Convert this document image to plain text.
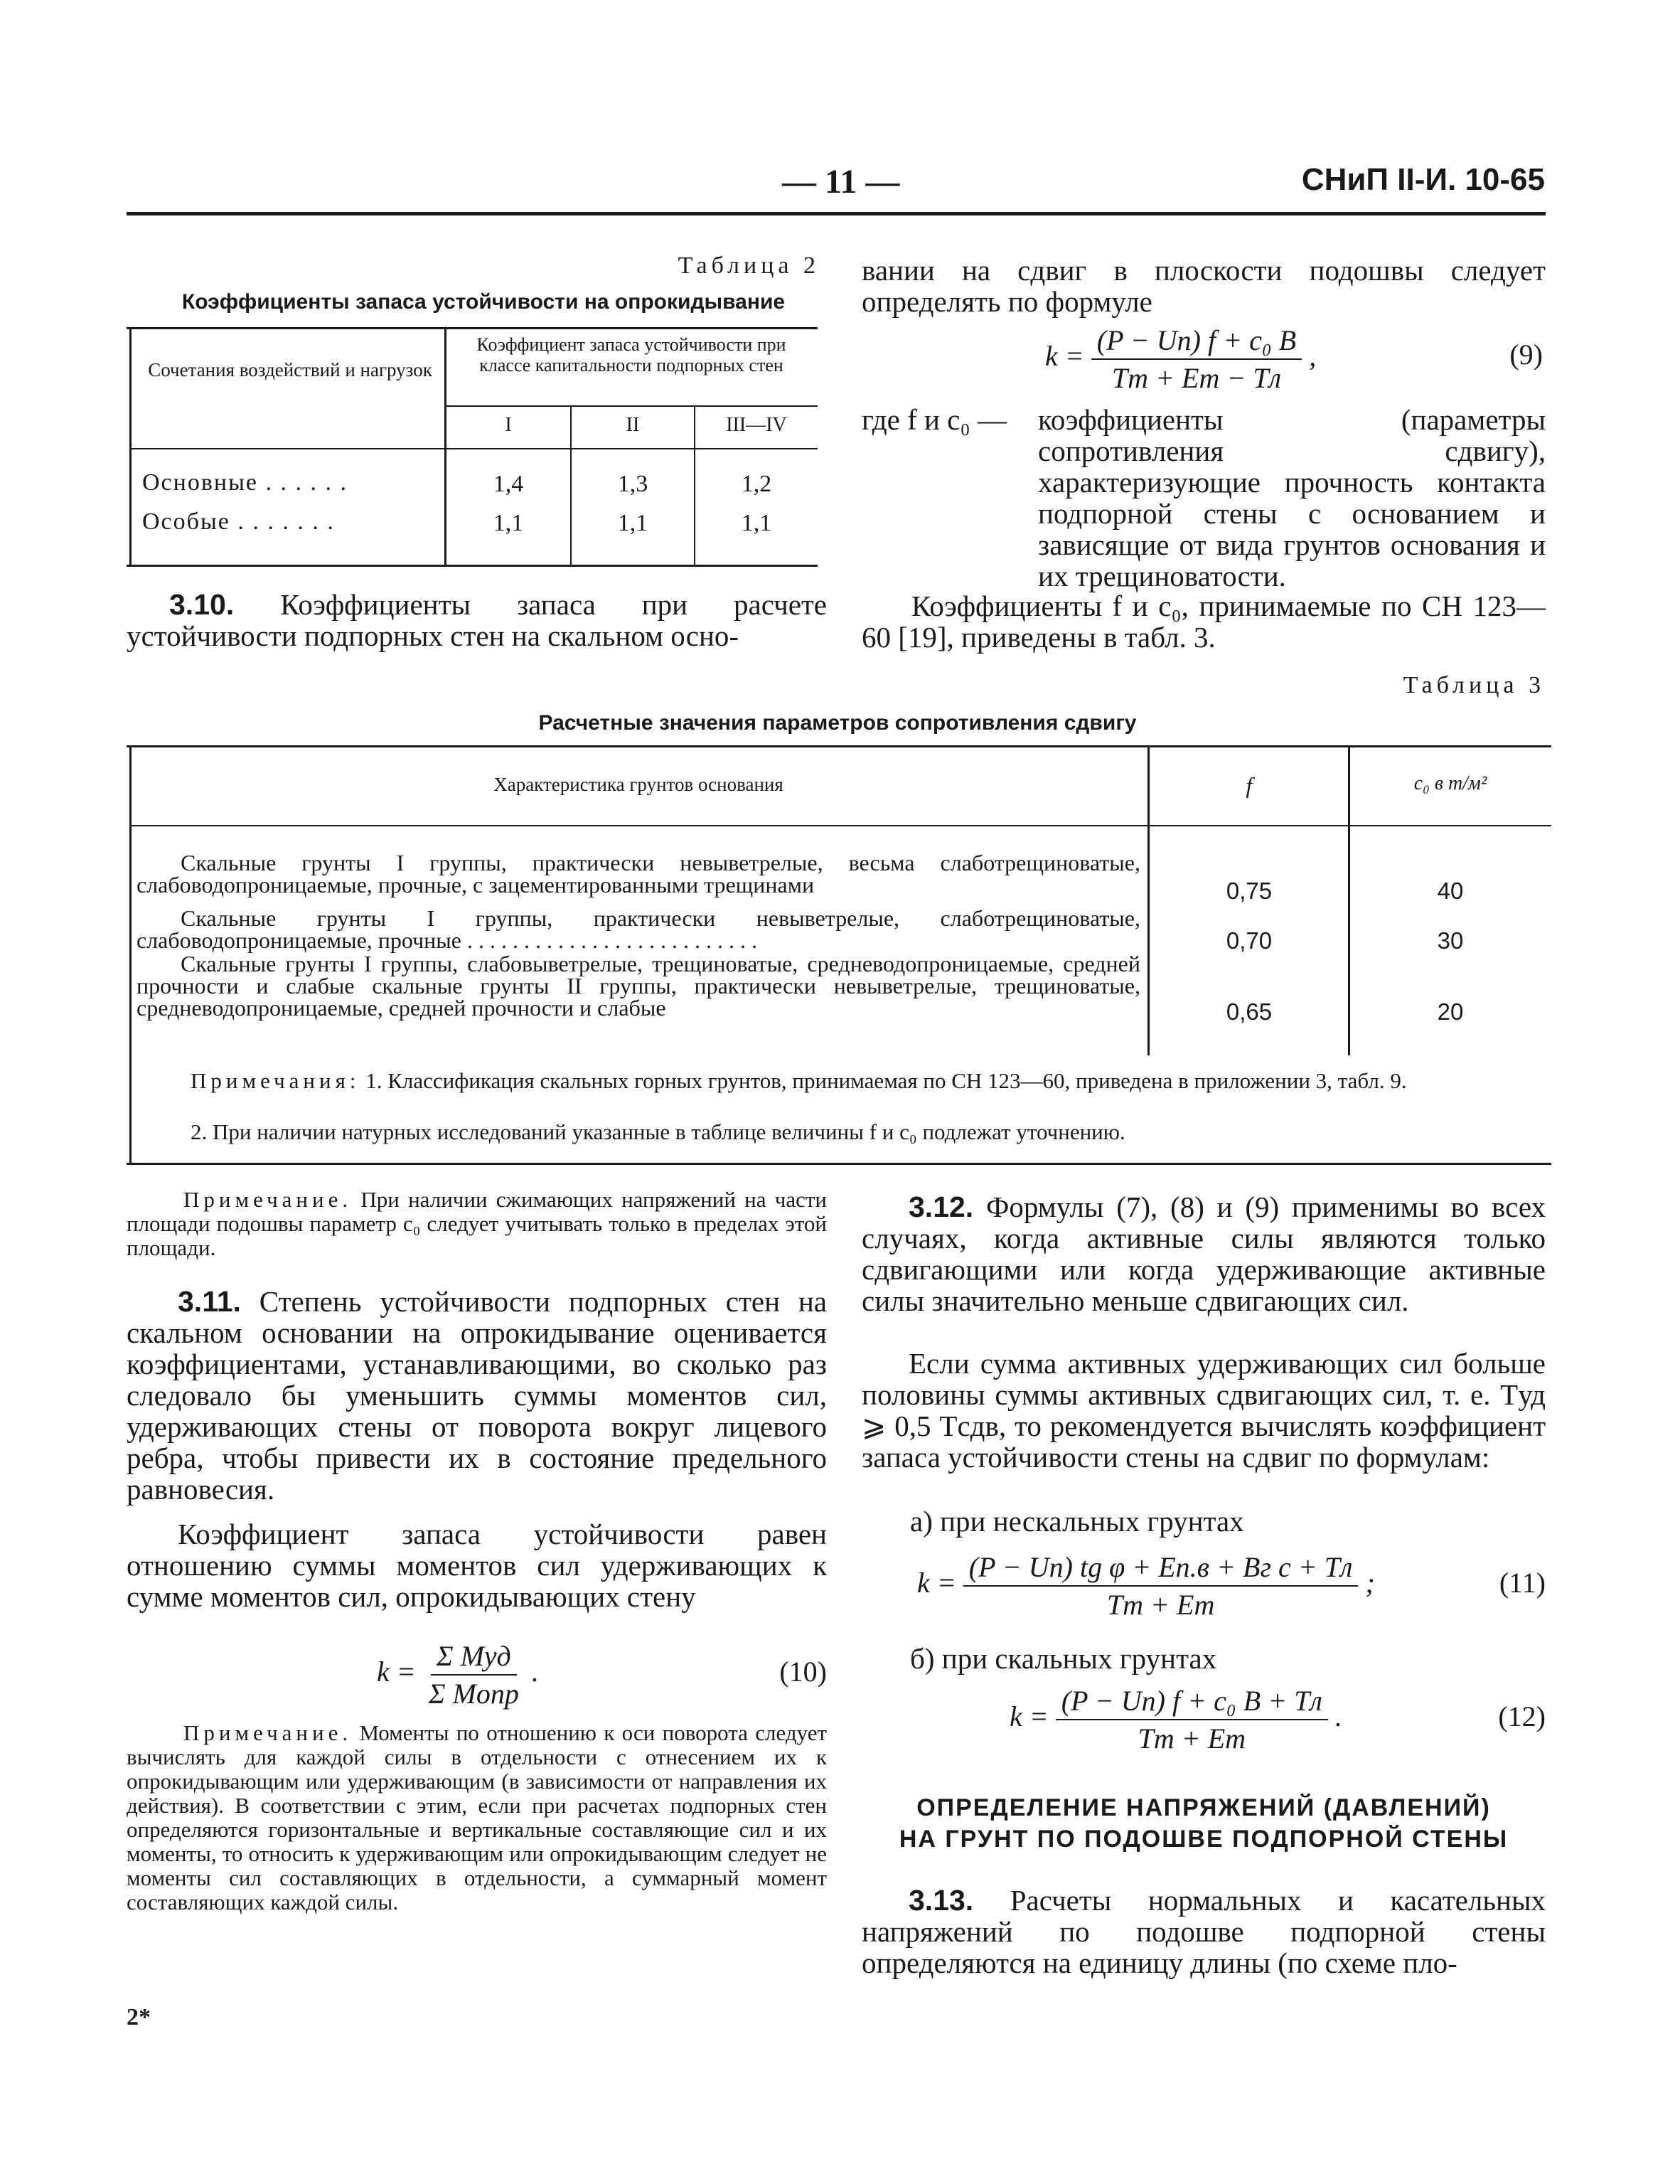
— 11 —	СНиП II-И. 10-65
Таблица 2
Коэффициенты запаса устойчивости на опрокидывание
Сочетания воздействий и нагрузок
Коэффициент запаса устойчивости при классе капитальности подпорных стен
I	II	III—IV
Основные . . . . . .	1,4	1,3	1,2
Особые . . . . . . .	1,1	1,1	1,1
3.10. Коэффициенты запаса при расчете устойчивости подпорных стен на скальном осно-
вании на сдвиг в плоскости подошвы следует определять по формуле
$k = \frac{\text{(P − Uп) f + c₀ B}}{Tт + Eт - Tл}$ ,	(9)
где f и c₀ — коэффициенты (параметры сопротивления сдвигу), характеризующие прочность контакта подпорной стены с основанием и зависящие от вида грунтов основания и их трещиноватости.
Коэффициенты f и c₀, принимаемые по СН 123—60 [19], приведены в табл. 3.
Таблица 3
Расчетные значения параметров сопротивления сдвигу
Характеристика грунтов основания	f	c₀ в т/м²
Скальные грунты I группы, практически невыветрелые, весьма слаботрещиноватые, слабоводопроницаемые, прочные, с зацементированными трещинами	0,75	40
Скальные грунты I группы, практически невыветрелые, слаботрещиноватые, слабоводопроницаемые, прочные . . . . . . . . . . . . . . . . . . . . . . . . . .	0,70	30
Скальные грунты I группы, слабовыветрелые, трещиноватые, средневодопроницаемые, средней прочности и слабые скальные грунты II группы, практически невыветрелые, трещиноватые, средневодопроницаемые, средней прочности и слабые	0,65	20
Примечания: 1. Классификация скальных горных грунтов, принимаемая по СН 123—60, приведена в приложении 3, табл. 9.
2. При наличии натурных исследований указанные в таблице величины f и c₀ подлежат уточнению.
Примечание. При наличии сжимающих напряжений на части площади подошвы параметр c₀ следует учитывать только в пределах этой площади.
3.11. Степень устойчивости подпорных стен на скальном основании на опрокидывание оценивается коэффициентами, устанавливающими, во сколько раз следовало бы уменьшить суммы моментов сил, удерживающих стены от поворота вокруг лицевого ребра, чтобы привести их в состояние предельного равновесия.
Коэффициент запаса устойчивости равен отношению суммы моментов сил удерживающих к сумме моментов сил, опрокидывающих стену
$k = \frac{\text{Σ Mуд}}{\text{Σ Mопр}}$ .	(10)
Примечание. Моменты по отношению к оси поворота следует вычислять для каждой силы в отдельности с отнесением их к опрокидывающим или удерживающим (в зависимости от направления их действия). В соответствии с этим, если при расчетах подпорных стен определяются горизонтальные и вертикальные составляющие сил и их моменты, то относить к удерживающим или опрокидывающим следует не моменты сил составляющих в отдельности, а суммарный момент составляющих каждой силы.
2*
3.12. Формулы (7), (8) и (9) применимы во всех случаях, когда активные силы являются только сдвигающими или когда удерживающие активные силы значительно меньше сдвигающих сил.
Если сумма активных удерживающих сил больше половины суммы активных сдвигающих сил, т. е. Tуд ⩾ 0,5 Tсдв, то рекомендуется вычислять коэффициент запаса устойчивости стены на сдвиг по формулам:
а) при нескальных грунтах
$k = \frac{\text{(P − Uп) tg φ + Eп.в + Bг c + Tл}}{Tт + Eт}$ ;	(11)
б) при скальных грунтах
$k = \frac{\text{(P − Uп) f + c₀ B + Tл}}{Tт + Eт}$ .	(12)
ОПРЕДЕЛЕНИЕ НАПРЯЖЕНИЙ (ДАВЛЕНИЙ)
НА ГРУНТ ПО ПОДОШВЕ ПОДПОРНОЙ СТЕНЫ
3.13. Расчеты нормальных и касательных напряжений по подошве подпорной стены определяются на единицу длины (по схеме пло-
